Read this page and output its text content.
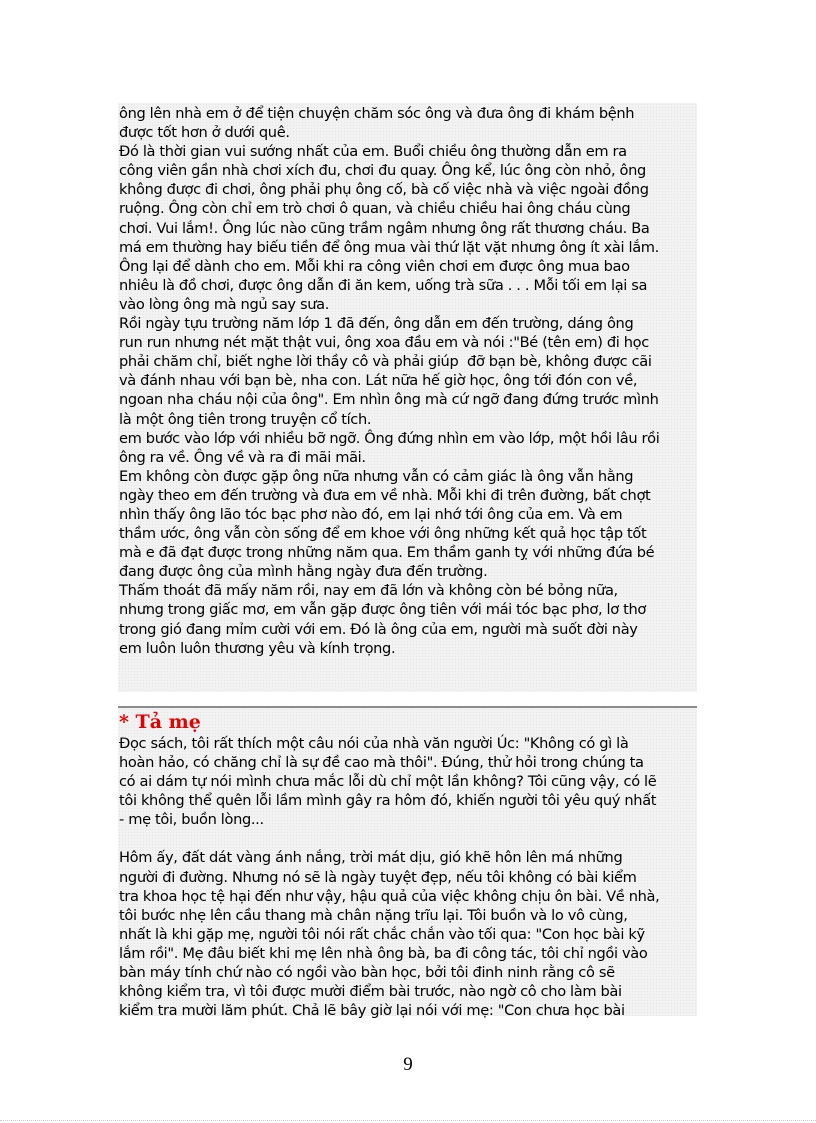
ông lên nhà em ở để tiện chuyện chăm sóc ông và đưa ông đi khám bệnh
được tốt hơn ở dưới quê.
Đó là thời gian vui sướng nhất của em. Buổi chiều ông thường dẫn em ra
công viên gần nhà chơi xích đu, chơi đu quay. Ông kể, lúc ông còn nhỏ, ông
không được đi chơi, ông phải phụ ông cố, bà cố việc nhà và việc ngoài đồng
ruộng. Ông còn chỉ em trò chơi ô quan, và chiều chiều hai ông cháu cùng
chơi. Vui lắm!. Ông lúc nào cũng trầm ngâm nhưng ông rất thương cháu. Ba
má em thường hay biếu tiền để ông mua vài thứ lặt vặt nhưng ông ít xài lắm.
Ông lại để dành cho em. Mỗi khi ra công viên chơi em được ông mua bao
nhiêu là đồ chơi, được ông dẫn đi ăn kem, uống trà sữa . . . Mỗi tối em lại sa
vào lòng ông mà ngủ say sưa.
Rồi ngày tựu trường năm lớp 1 đã đến, ông dẫn em đến trường, dáng ông
run run nhưng nét mặt thật vui, ông xoa đầu em và nói :"Bé (tên em) đi học
phải chăm chỉ, biết nghe lời thầy cô và phải giúp  đỡ bạn bè, không được cãi
và đánh nhau với bạn bè, nha con. Lát nữa hế giờ học, ông tới đón con về,
ngoan nha cháu nội của ông". Em nhìn ông mà cứ ngỡ đang đứng trước mình
là một ông tiên trong truyện cổ tích.
em bước vào lớp với nhiều bỡ ngỡ. Ông đứng nhìn em vào lớp, một hồi lâu rồi
ông ra về. Ông về và ra đi mãi mãi.
Em không còn được gặp ông nữa nhưng vẫn có cảm giác là ông vẫn hằng
ngày theo em đến trường và đưa em về nhà. Mỗi khi đi trên đường, bất chợt
nhìn thấy ông lão tóc bạc phơ nào đó, em lại nhớ tới ông của em. Và em
thầm ước, ông vẫn còn sống để em khoe với ông những kết quả học tập tốt
mà e đã đạt được trong những năm qua. Em thầm ganh tỵ với những đứa bé
đang được ông của mình hằng ngày đưa đến trường.
Thấm thoát đã mấy năm rồi, nay em đã lớn và không còn bé bỏng nữa,
nhưng trong giấc mơ, em vẫn gặp được ông tiên với mái tóc bạc phơ, lơ thơ
trong gió đang mỉm cười với em. Đó là ông của em, người mà suốt đời này
em luôn luôn thương yêu và kính trọng.

* Tả mẹ

Đọc sách, tôi rất thích một câu nói của nhà văn người Úc: "Không có gì là
hoàn hảo, có chăng chỉ là sự đề cao mà thôi". Đúng, thử hỏi trong chúng ta
có ai dám tự nói mình chưa mắc lỗi dù chỉ một lần không? Tôi cũng vậy, có lẽ
tôi không thể quên lỗi lầm mình gây ra hôm đó, khiến người tôi yêu quý nhất
- mẹ tôi, buồn lòng...

Hôm ấy, đất dát vàng ánh nắng, trời mát dịu, gió khẽ hôn lên má những
người đi đường. Nhưng nó sẽ là ngày tuyệt đẹp, nếu tôi không có bài kiểm
tra khoa học tệ hại đến như vậy, hậu quả của việc không chịu ôn bài. Về nhà,
tôi bước nhẹ lên cầu thang mà chân nặng trĩu lại. Tôi buồn và lo vô cùng,
nhất là khi gặp mẹ, người tôi nói rất chắc chắn vào tối qua: "Con học bài kỹ
lắm rồi". Mẹ đâu biết khi mẹ lên nhà ông bà, ba đi công tác, tôi chỉ ngồi vào
bàn máy tính chứ nào có ngồi vào bàn học, bởi tôi đinh ninh rằng cô sẽ
không kiểm tra, vì tôi được mười điểm bài trước, nào ngờ cô cho làm bài
kiểm tra mười lăm phút. Chả lẽ bây giờ lại nói với mẹ: "Con chưa học bài

9
